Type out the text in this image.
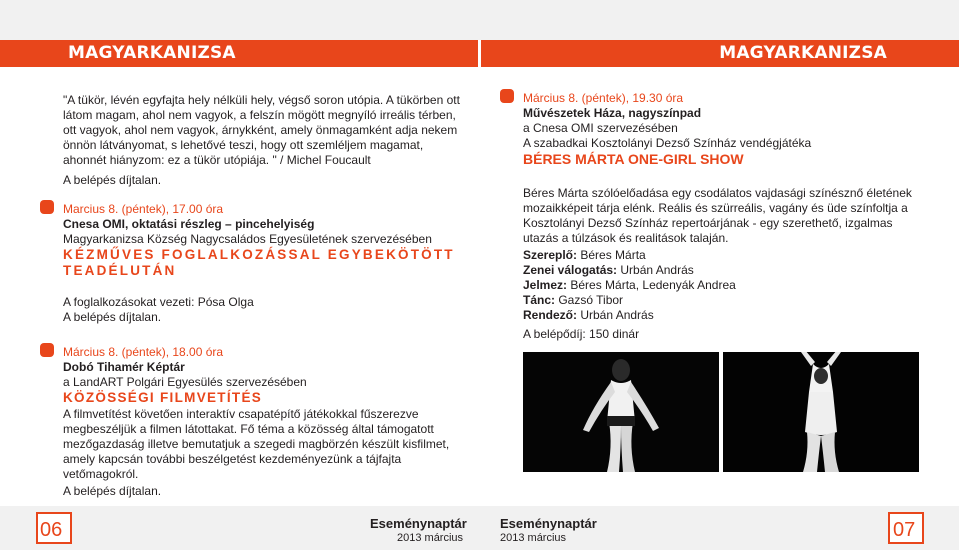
MAGYARKANIZSA	MAGYARKANIZSA
"A tükör, lévén egyfajta hely nélküli hely, végső soron utópia. A tükörben ott
látom magam, ahol nem vagyok, a felszín mögött megnyíló irreális térben,
ott vagyok, ahol nem vagyok, árnykként, amely önmagamként adja nekem
önnön látványomat, s lehetővé teszi, hogy ott szemléljem magamat,
ahonnét hiányzom: ez a tükör utópiája. " / Michel Foucault
A belépés díjtalan.
Marcius 8. (péntek), 17.00 óra
Cnesa OMI, oktatási részleg – pincehelyiség
Magyarkanizsa Község Nagycsaládos Egyesületének szervezésében
KÉZMŰVES FOGLALKOZÁSSAL EGYBEKÖTÖTT
TEADÉLUTÁN
A foglalkozásokat vezeti: Pósa Olga
A belépés díjtalan.
Március 8. (péntek), 18.00 óra
Dobó Tihamér Képtár
a LandART Polgári Egyesülés szervezésében
KÖZÖSSÉGI FILMVETÍTÉS
A filmvetítést követően interaktív csapatépítő játékokkal fűszerezve
megbeszéljük a filmen látottakat. Fő téma a közösség által támogatott
mezőgazdaság illetve bemutatjuk a szegedi magbörzén készült kisfilmet,
amely kapcsán további beszélgetést kezdeményezünk a tájfajta
vetőmagokról.
A belépés díjtalan.
Március 8. (péntek), 19.30 óra
Művészetek Háza, nagyszínpad
a Cnesa OMI szervezésében
A szabadkai Kosztolányi Dezső Színház vendégjátéka
BÉRES MÁRTA ONE-GIRL SHOW
Béres Márta szólóelőadása egy csodálatos vajdasági színésznő életének
mozaikképeit tárja elénk. Reális és szürreális, vagány és üde színfoltja a
Kosztolányi Dezső Színház repertoárjának - egy szerethető, izgalmas
utazás a túlzások és realitások talaján.
Szereplő: Béres Márta
Zenei válogatás: Urbán András
Jelmez: Béres Márta, Ledenyák Andrea
Tánc: Gazsó Tibor
Rendező: Urbán András
A belépődíj: 150 dinár
06	07
Eseménynaptár
2013 március
Eseménynaptár
2013 március
